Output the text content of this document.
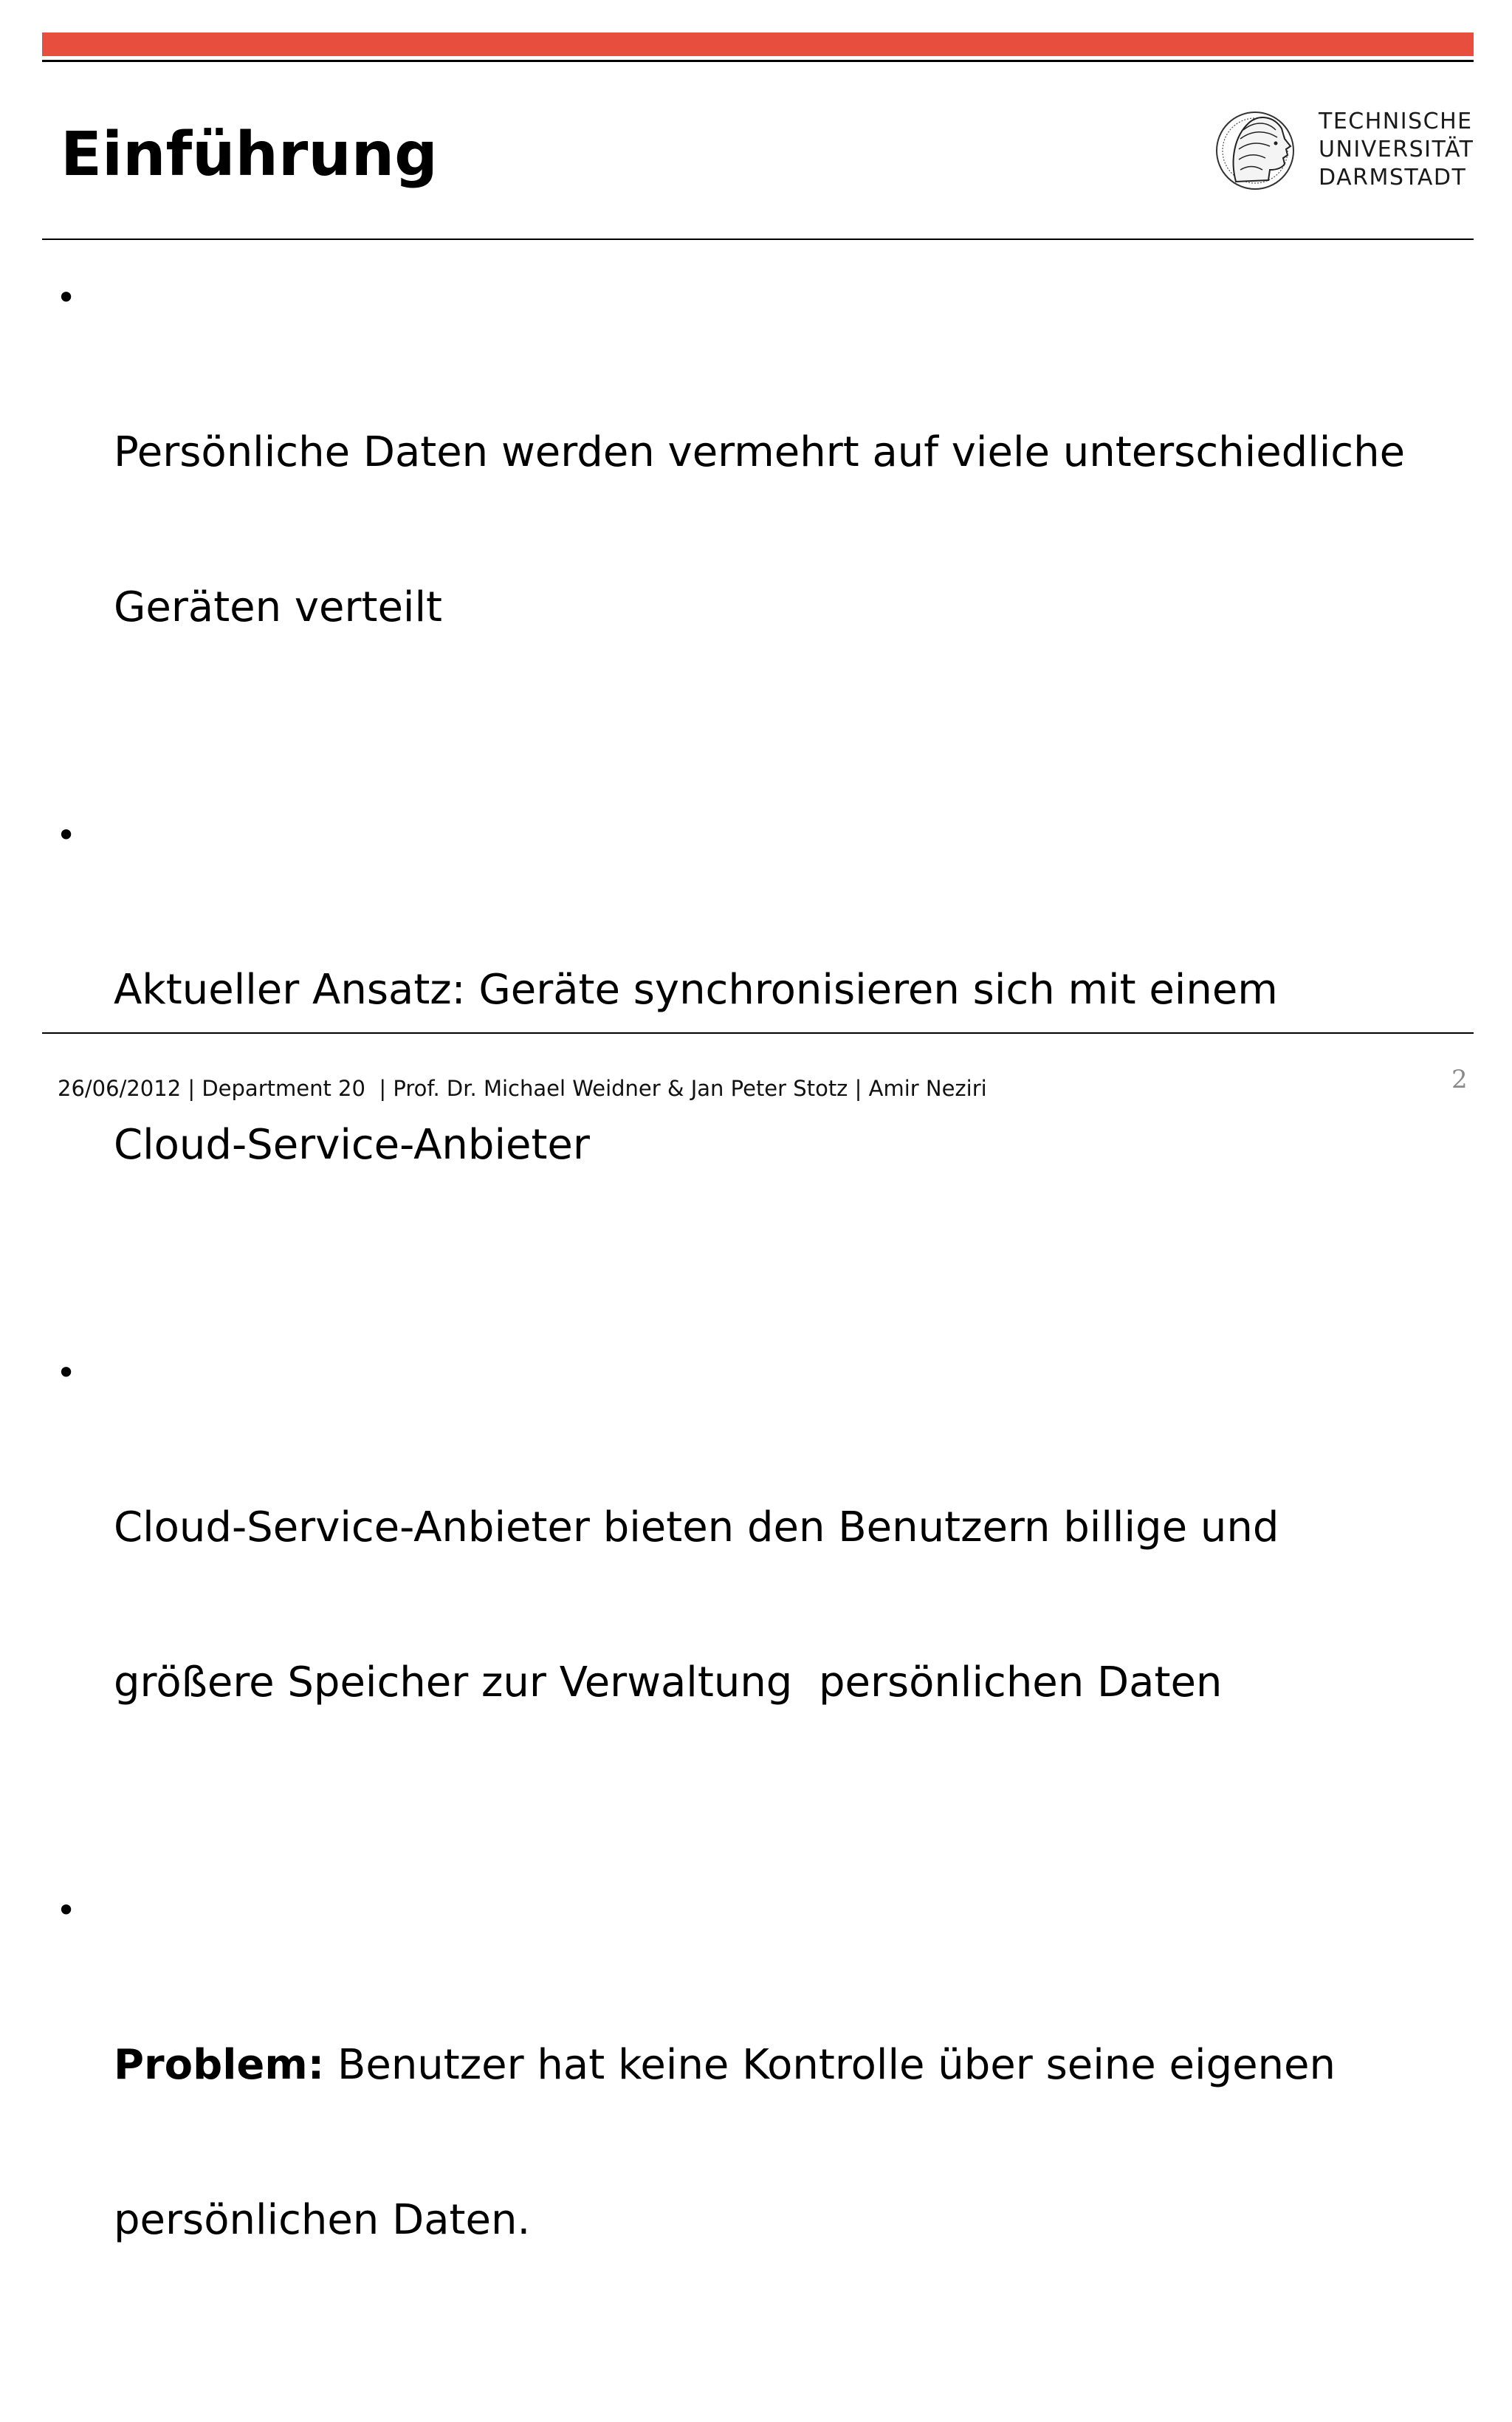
Einführung	TECHNISCHE
UNIVERSITÄT
DARMSTADT

•

Persönliche Daten werden vermehrt auf viele unterschiedliche

Geräten verteilt

•

Aktueller Ansatz: Geräte synchronisieren sich mit einem

Cloud-Service-Anbieter

•

Cloud-Service-Anbieter bieten den Benutzern billige und

größere Speicher zur Verwaltung  persönlichen Daten

•

Problem: Benutzer hat keine Kontrolle über seine eigenen

persönlichen Daten.

26/06/2012 | Department 20  | Prof. Dr. Michael Weidner & Jan Peter Stotz | Amir Neziri	2
